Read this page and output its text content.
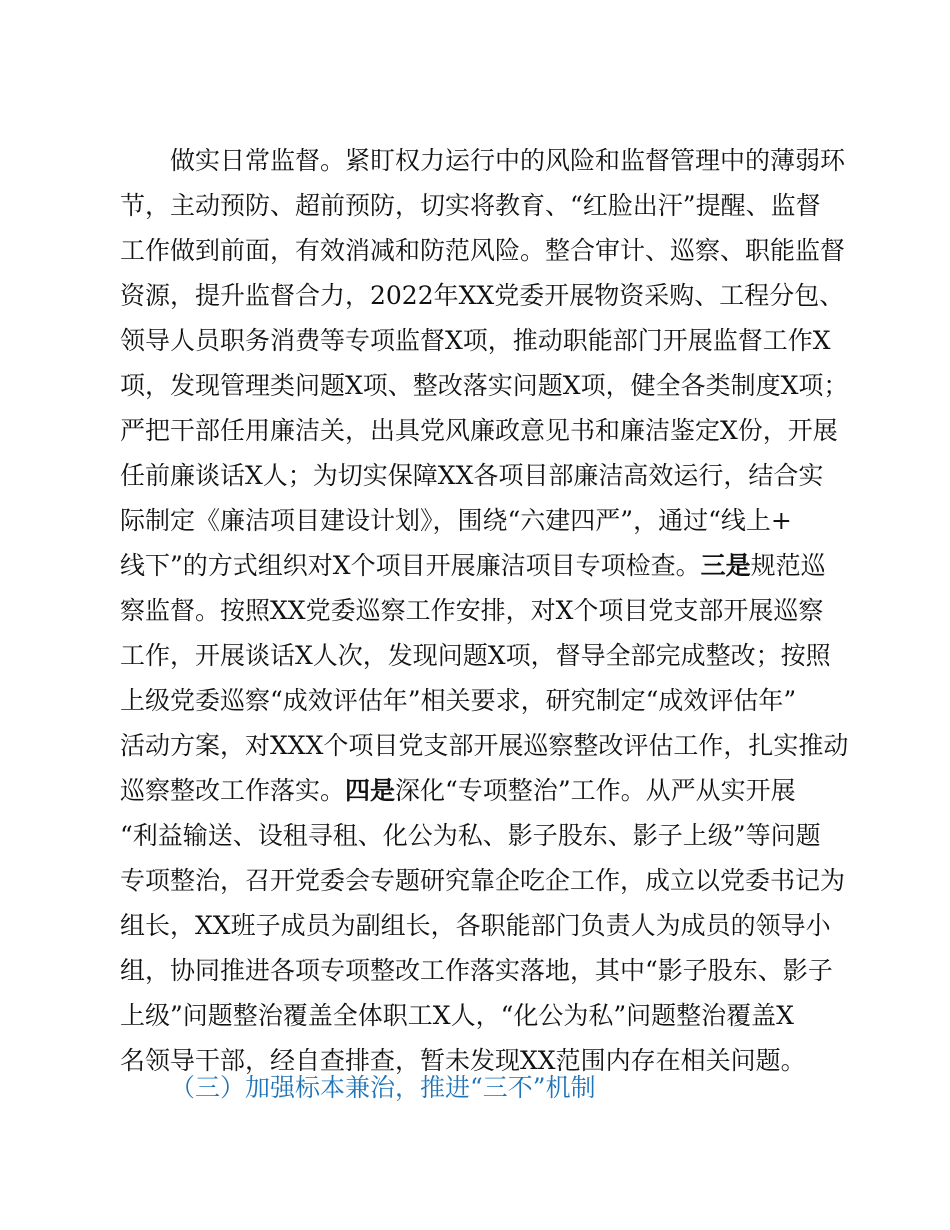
做实日常监督。紧盯权力运行中的风险和监督管理中的薄弱环
节，主动预防、超前预防，切实将教育、“红脸出汗”提醒、监督
工作做到前面，有效消减和防范风险。整合审计、巡察、职能监督
资源，提升监督合力，2022年XX党委开展物资采购、工程分包、
领导人员职务消费等专项监督X项，推动职能部门开展监督工作X
项，发现管理类问题X项、整改落实问题X项，健全各类制度X项；
严把干部任用廉洁关，出具党风廉政意见书和廉洁鉴定X份，开展
任前廉谈话X人；为切实保障XX各项目部廉洁高效运行，结合实
际制定《廉洁项目建设计划》，围绕“六建四严”，通过“线上+
线下”的方式组织对X个项目开展廉洁项目专项检查。三是规范巡
察监督。按照XX党委巡察工作安排，对X个项目党支部开展巡察
工作，开展谈话X人次，发现问题X项，督导全部完成整改；按照
上级党委巡察“成效评估年”相关要求，研究制定“成效评估年”
活动方案，对XXX个项目党支部开展巡察整改评估工作，扎实推动
巡察整改工作落实。四是深化“专项整治”工作。从严从实开展
“利益输送、设租寻租、化公为私、影子股东、影子上级”等问题
专项整治，召开党委会专题研究靠企吃企工作，成立以党委书记为
组长，XX班子成员为副组长，各职能部门负责人为成员的领导小
组，协同推进各项专项整改工作落实落地，其中“影子股东、影子
上级”问题整治覆盖全体职工X人，“化公为私”问题整治覆盖X
名领导干部，经自查排查，暂未发现XX范围内存在相关问题。
（三）加强标本兼治，推进“三不”机制
